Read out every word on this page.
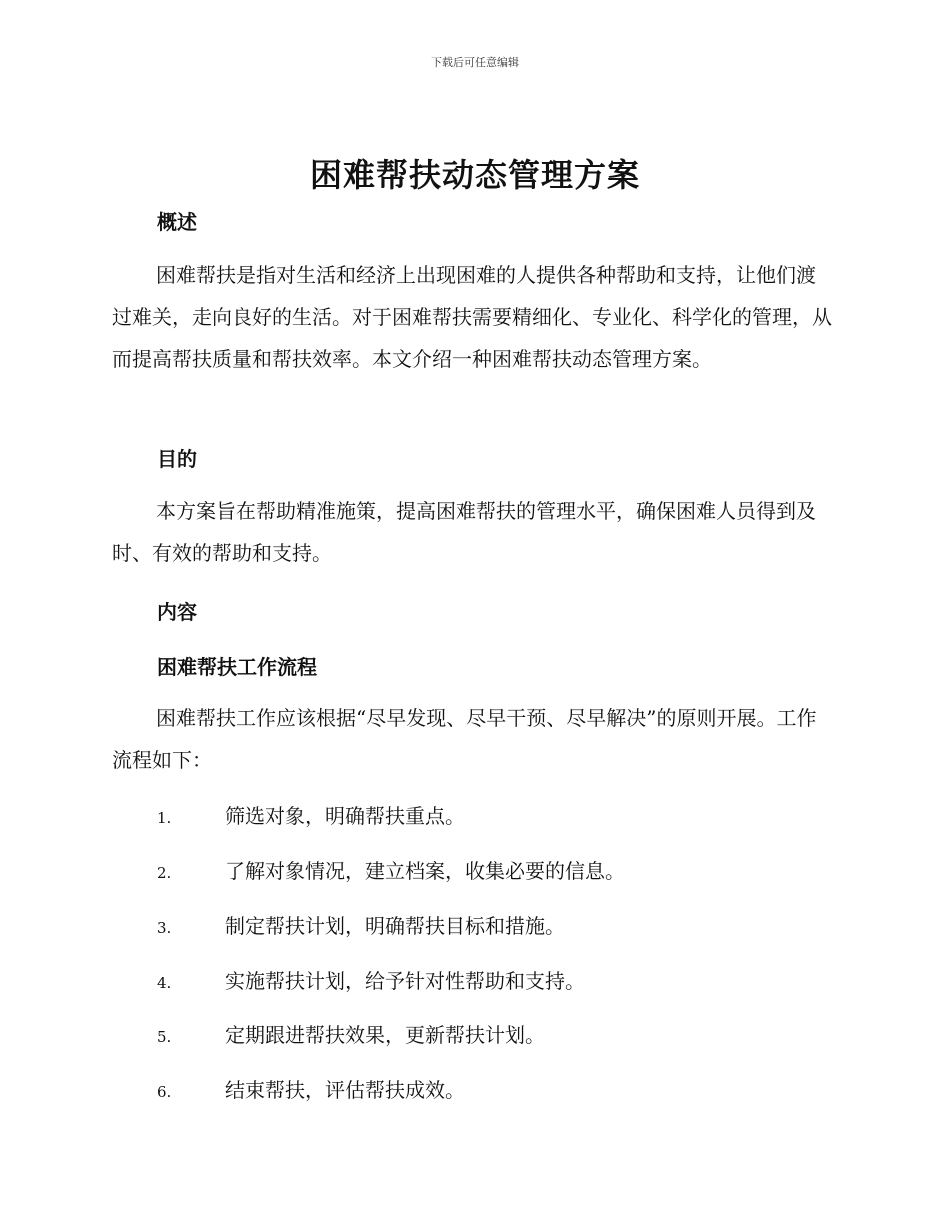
下载后可任意编辑
困难帮扶动态管理方案
概述

困难帮扶是指对生活和经济上出现困难的人提供各种帮助和支持，让他们渡过难关，走向良好的生活。对于困难帮扶需要精细化、专业化、科学化的管理，从而提高帮扶质量和帮扶效率。本文介绍一种困难帮扶动态管理方案。

目的

本方案旨在帮助精准施策，提高困难帮扶的管理水平，确保困难人员得到及时、有效的帮助和支持。

内容
困难帮扶工作流程

困难帮扶工作应该根据“尽早发现、尽早干预、尽早解决”的原则开展。工作流程如下：

1.	筛选对象，明确帮扶重点。
2.	了解对象情况，建立档案，收集必要的信息。
3.	制定帮扶计划，明确帮扶目标和措施。
4.	实施帮扶计划，给予针对性帮助和支持。
5.	定期跟进帮扶效果，更新帮扶计划。
6.	结束帮扶，评估帮扶成效。
